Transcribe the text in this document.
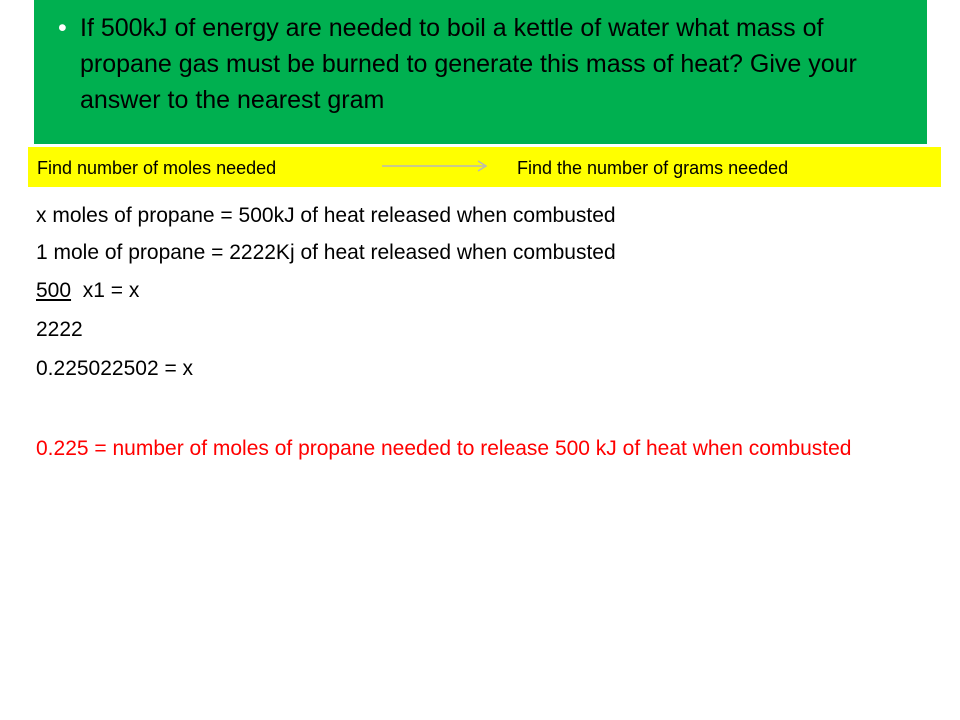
• If 500kJ of energy are needed to boil a kettle of water what mass of propane gas must be burned to generate this mass of heat? Give your answer to the nearest gram
Find number of moles needed	Find the number of grams needed
x moles of propane = 500kJ of heat released when combusted
1 mole of propane = 2222Kj of heat released when combusted
500 x1 = x
2222
0.225022502 = x
0.225 = number of moles of propane needed to release 500 kJ of heat when combusted
